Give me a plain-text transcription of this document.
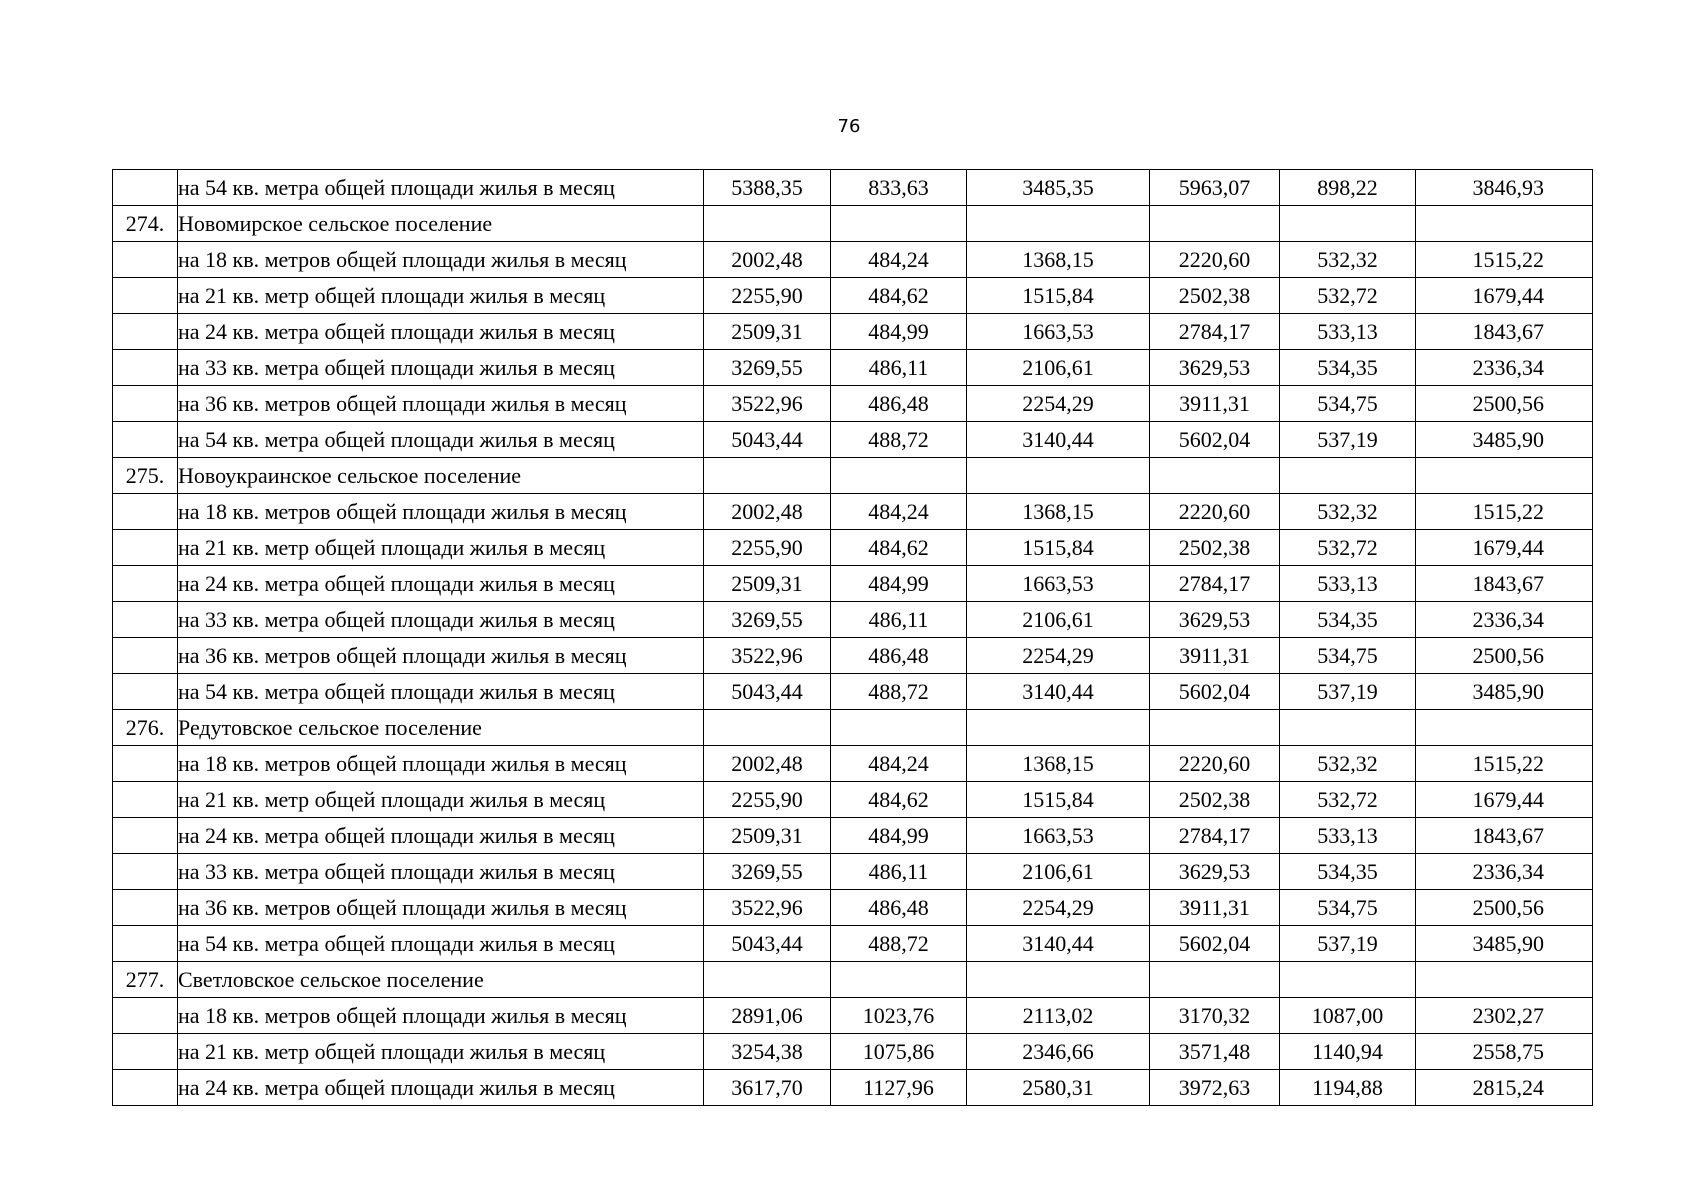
76
	на 54 кв. метра общей площади жилья в месяц	5388,35	833,63	3485,35	5963,07	898,22	3846,93
274.	Новомирское сельское поселение						
	на 18 кв. метров общей площади жилья в месяц	2002,48	484,24	1368,15	2220,60	532,32	1515,22
	на 21 кв. метр общей площади жилья в месяц	2255,90	484,62	1515,84	2502,38	532,72	1679,44
	на 24 кв. метра общей площади жилья в месяц	2509,31	484,99	1663,53	2784,17	533,13	1843,67
	на 33 кв. метра общей площади жилья в месяц	3269,55	486,11	2106,61	3629,53	534,35	2336,34
	на 36 кв. метров общей площади жилья в месяц	3522,96	486,48	2254,29	3911,31	534,75	2500,56
	на 54 кв. метра общей площади жилья в месяц	5043,44	488,72	3140,44	5602,04	537,19	3485,90
275.	Новоукраинское сельское поселение						
	на 18 кв. метров общей площади жилья в месяц	2002,48	484,24	1368,15	2220,60	532,32	1515,22
	на 21 кв. метр общей площади жилья в месяц	2255,90	484,62	1515,84	2502,38	532,72	1679,44
	на 24 кв. метра общей площади жилья в месяц	2509,31	484,99	1663,53	2784,17	533,13	1843,67
	на 33 кв. метра общей площади жилья в месяц	3269,55	486,11	2106,61	3629,53	534,35	2336,34
	на 36 кв. метров общей площади жилья в месяц	3522,96	486,48	2254,29	3911,31	534,75	2500,56
	на 54 кв. метра общей площади жилья в месяц	5043,44	488,72	3140,44	5602,04	537,19	3485,90
276.	Редутовское сельское поселение						
	на 18 кв. метров общей площади жилья в месяц	2002,48	484,24	1368,15	2220,60	532,32	1515,22
	на 21 кв. метр общей площади жилья в месяц	2255,90	484,62	1515,84	2502,38	532,72	1679,44
	на 24 кв. метра общей площади жилья в месяц	2509,31	484,99	1663,53	2784,17	533,13	1843,67
	на 33 кв. метра общей площади жилья в месяц	3269,55	486,11	2106,61	3629,53	534,35	2336,34
	на 36 кв. метров общей площади жилья в месяц	3522,96	486,48	2254,29	3911,31	534,75	2500,56
	на 54 кв. метра общей площади жилья в месяц	5043,44	488,72	3140,44	5602,04	537,19	3485,90
277.	Светловское сельское поселение						
	на 18 кв. метров общей площади жилья в месяц	2891,06	1023,76	2113,02	3170,32	1087,00	2302,27
	на 21 кв. метр общей площади жилья в месяц	3254,38	1075,86	2346,66	3571,48	1140,94	2558,75
	на 24 кв. метра общей площади жилья в месяц	3617,70	1127,96	2580,31	3972,63	1194,88	2815,24
